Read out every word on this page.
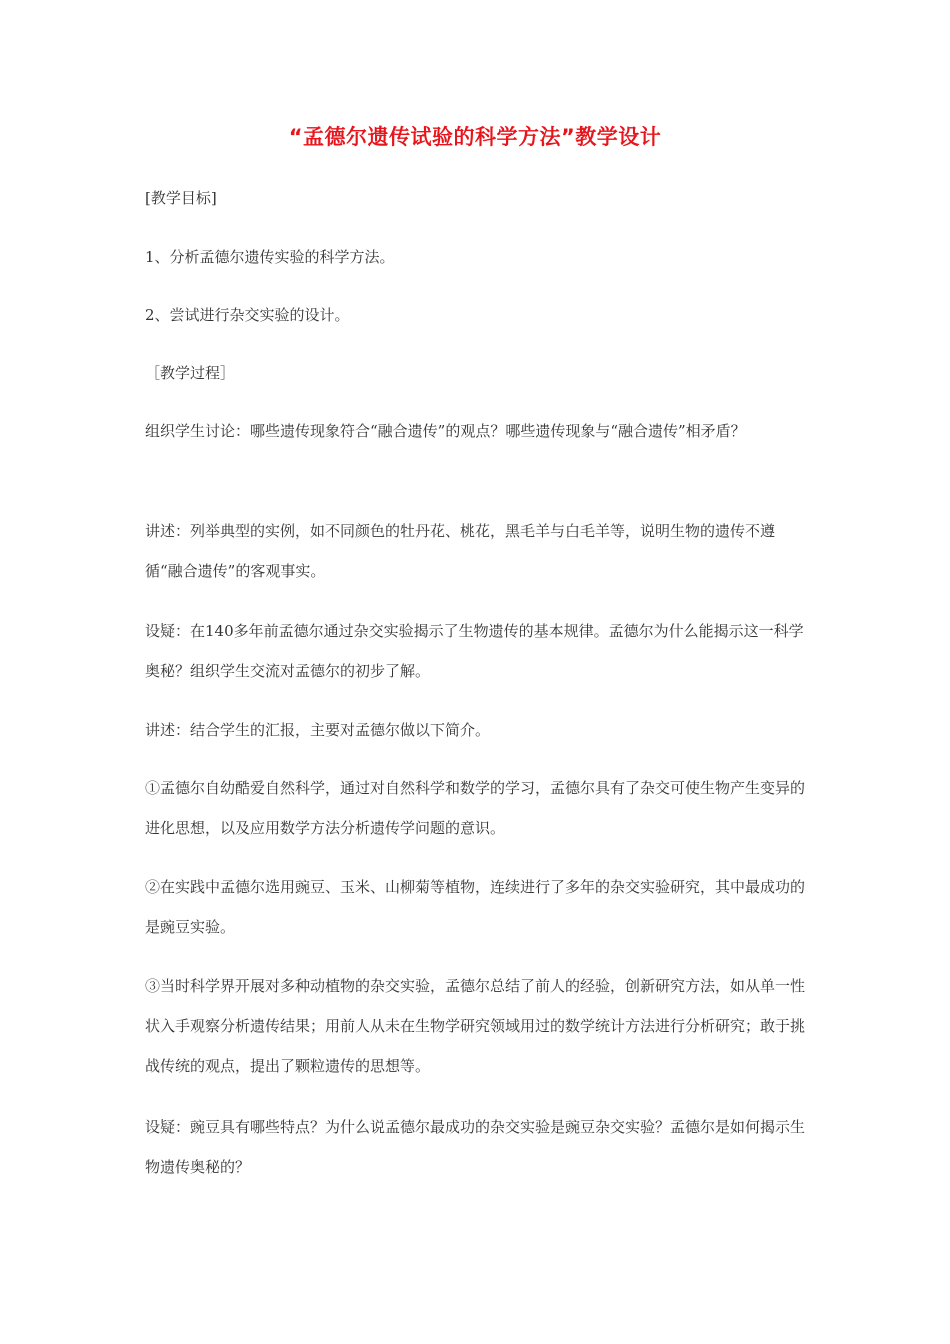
“孟德尔遗传试验的科学方法”教学设计
[教学目标]
1、分析孟德尔遗传实验的科学方法。
2、尝试进行杂交实验的设计。
［教学过程］
组织学生讨论：哪些遗传现象符合“融合遗传”的观点？哪些遗传现象与“融合遗传”相矛盾？
讲述：列举典型的实例，如不同颜色的牡丹花、桃花，黑毛羊与白毛羊等，说明生物的遗传不遵循“融合遗传”的客观事实。
设疑：在140多年前孟德尔通过杂交实验揭示了生物遗传的基本规律。孟德尔为什么能揭示这一科学奥秘？组织学生交流对孟德尔的初步了解。
讲述：结合学生的汇报，主要对孟德尔做以下简介。
①孟德尔自幼酷爱自然科学，通过对自然科学和数学的学习，孟德尔具有了杂交可使生物产生变异的进化思想，以及应用数学方法分析遗传学问题的意识。
②在实践中孟德尔选用豌豆、玉米、山柳菊等植物，连续进行了多年的杂交实验研究，其中最成功的是豌豆实验。
③当时科学界开展对多种动植物的杂交实验，孟德尔总结了前人的经验，创新研究方法，如从单一性状入手观察分析遗传结果；用前人从未在生物学研究领域用过的数学统计方法进行分析研究；敢于挑战传统的观点，提出了颗粒遗传的思想等。
设疑：豌豆具有哪些特点？为什么说孟德尔最成功的杂交实验是豌豆杂交实验？孟德尔是如何揭示生物遗传奥秘的？
